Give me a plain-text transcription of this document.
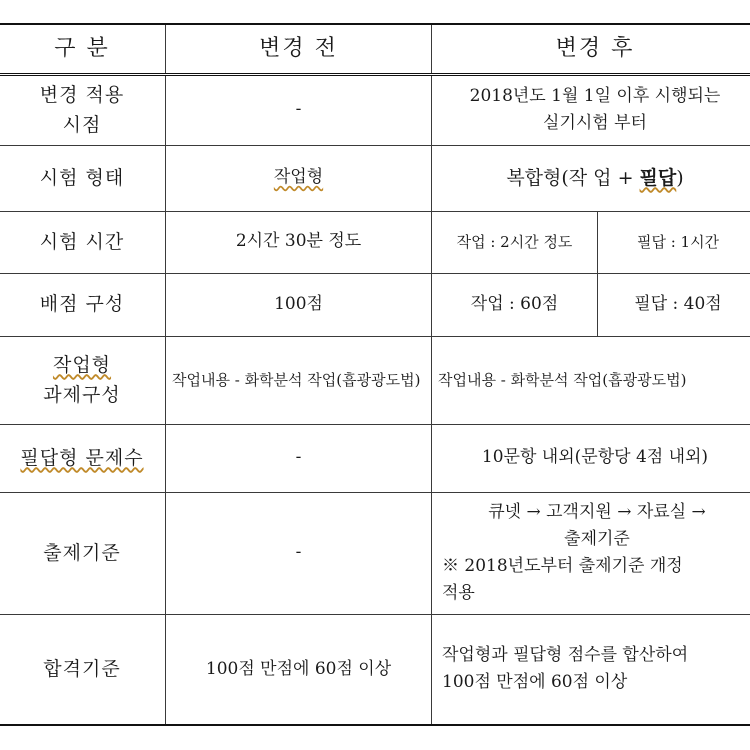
구 분	변경 전	변경 후	

변경 적용
시점	-	2018년도 1월 1일 이후 시행되는
실기시험 부터	

시험 형태	작업형	복합형(작 업 + 필답)	
시험 시간	2시간 30분 정도	작업 : 2시간 정도	필답 : 1시간
배점 구성	100점	작업 : 60점	필답 : 40점

작업형
과제구성	작업내용 - 화학분석 작업(흡광광도법)	작업내용 - 화학분석 작업(흡광광도법)	
필답형 문제수	-	10문항 내외(문항당 4점 내외)	
출제기준	-	큐넷 → 고객지원 → 자료실 →
출제기준
※ 2018년도부터 출제기준 개정
적용	

합격기준	100점 만점에 60점 이상	작업형과 필답형 점수를 합산하여
100점 만점에 60점 이상	
